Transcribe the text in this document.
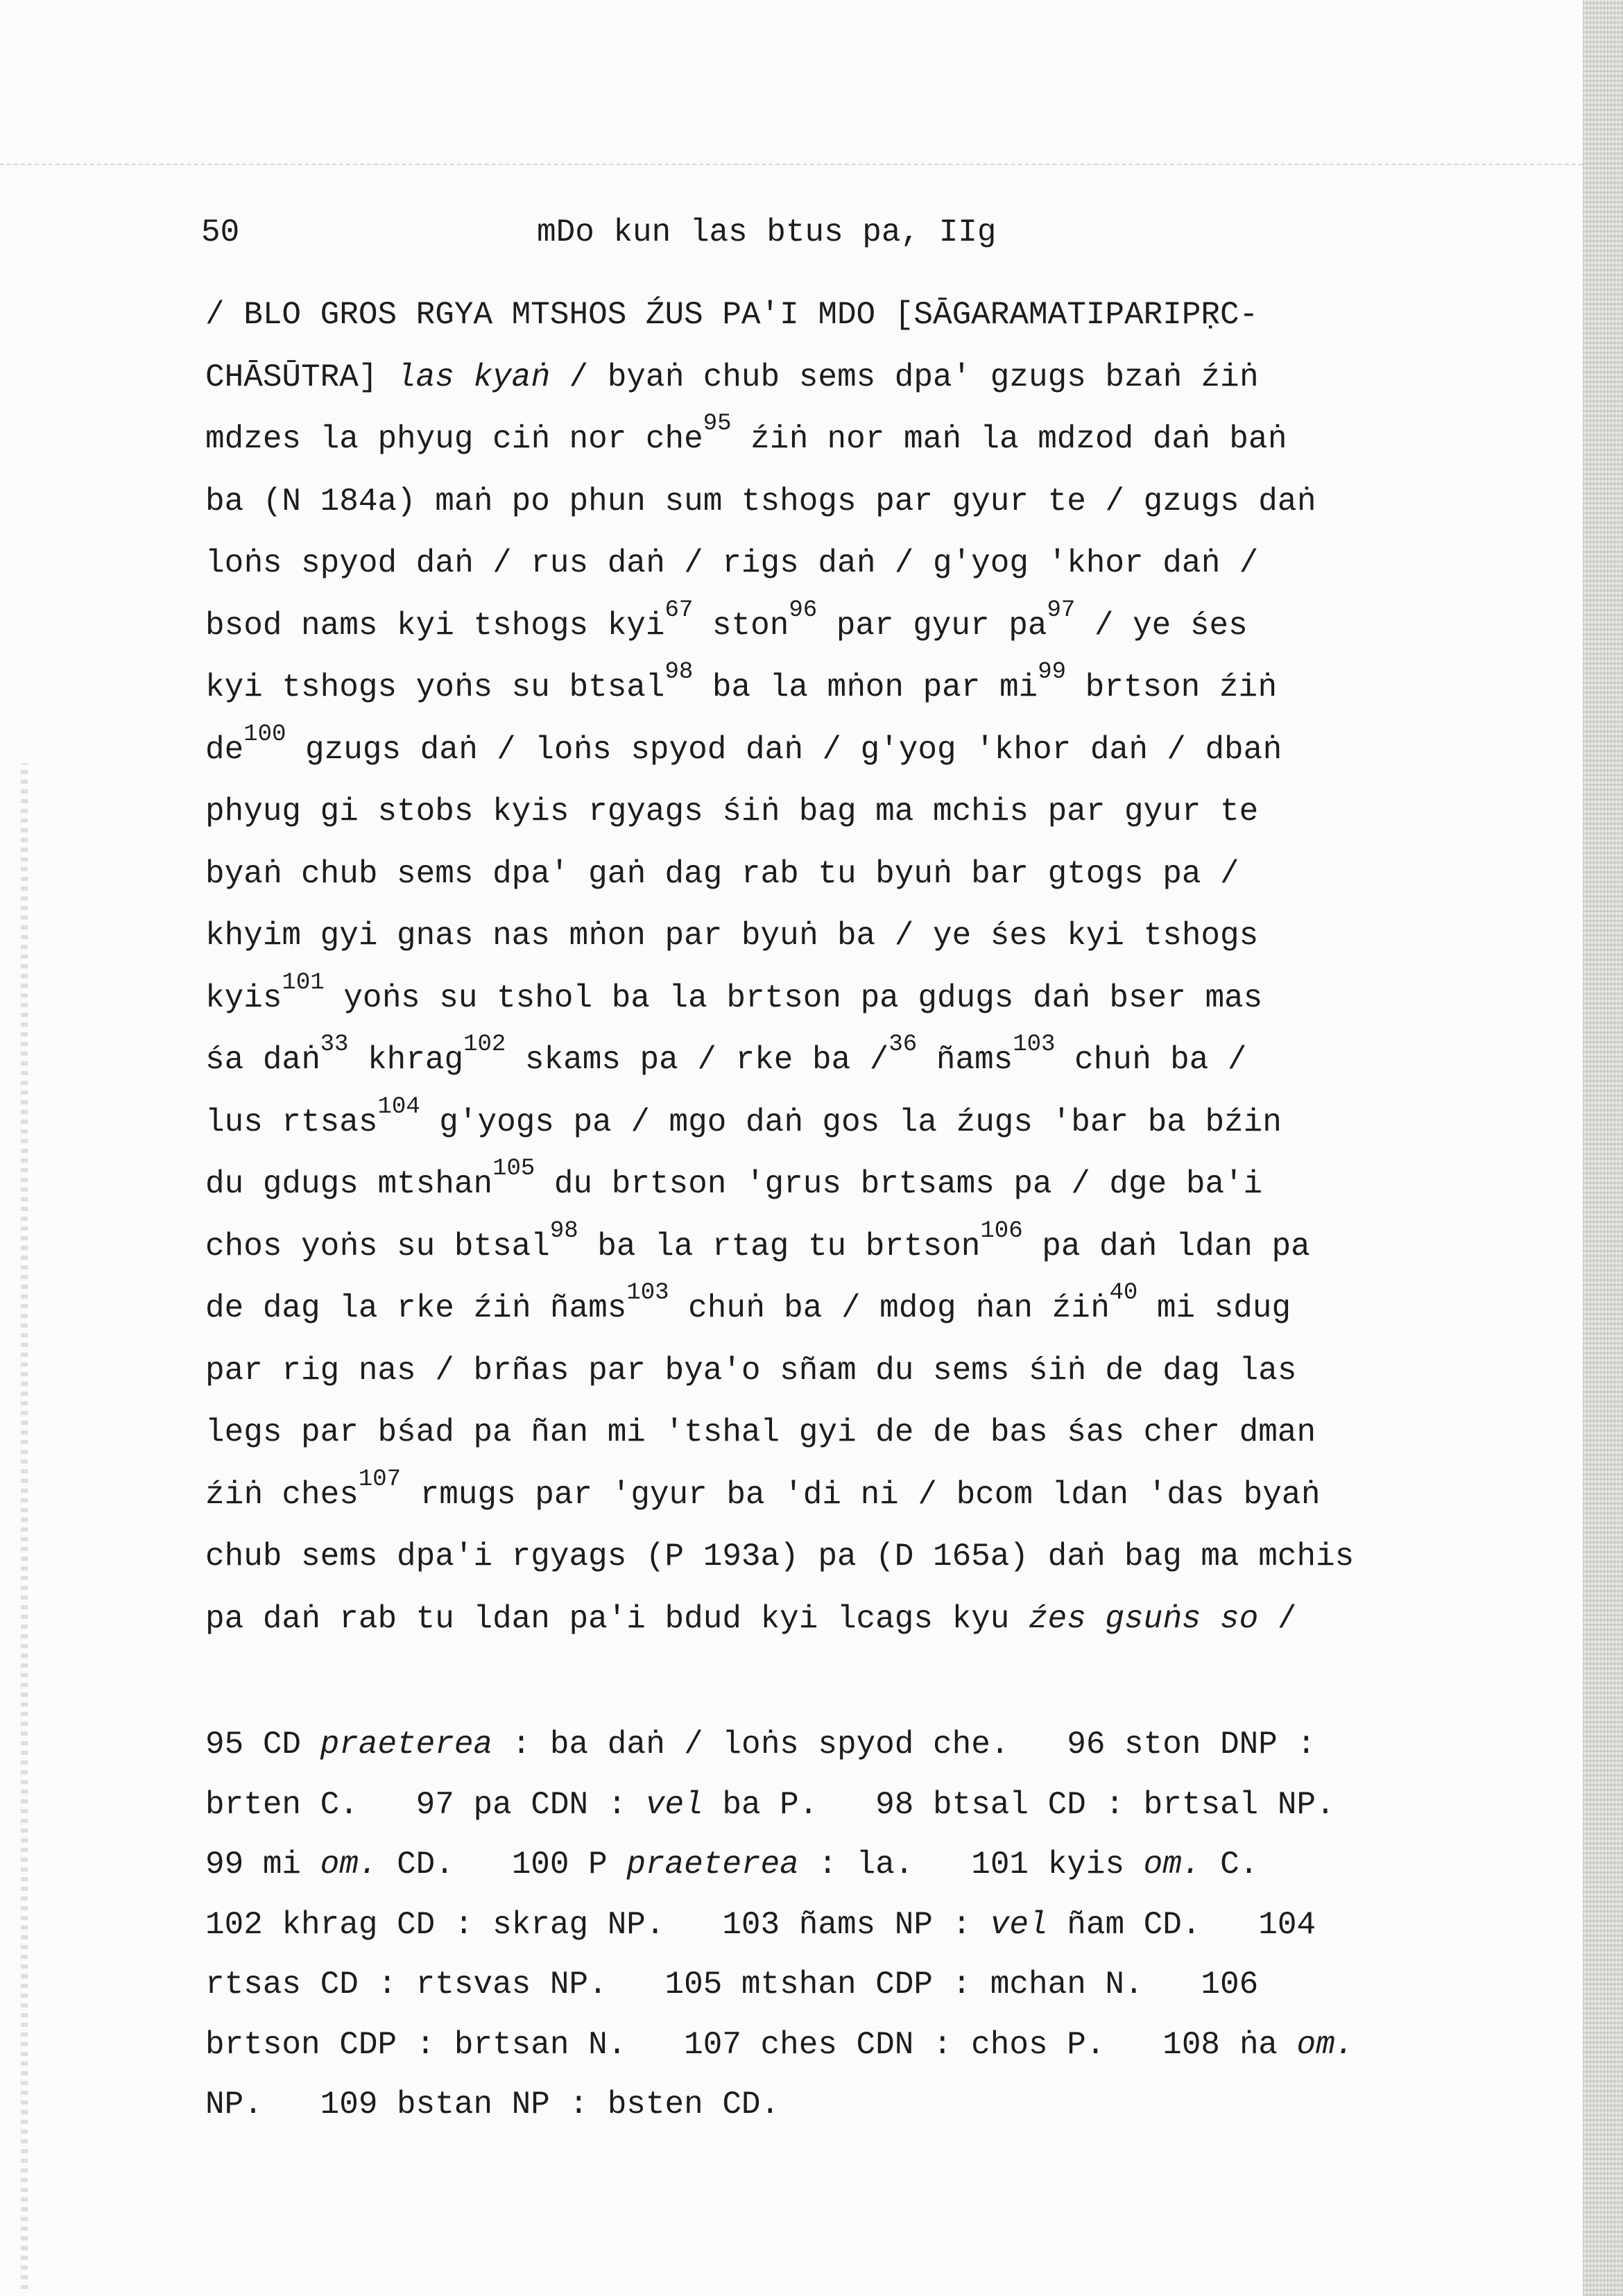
50	mDo kun las btus pa, IIg
/ BLO GROS RGYA MTSHOS ŹUS PA'I MDO [SĀGARAMATIPARIPṚC-
CHĀSŪTRA] las kyaṅ / byaṅ chub sems dpa' gzugs bzaṅ źiṅ
mdzes la phyug ciṅ nor che$^{95}$ źiṅ nor maṅ la mdzod daṅ baṅ
ba (N 184a) maṅ po phun sum tshogs par gyur te / gzugs daṅ
loṅs spyod daṅ / rus daṅ / rigs daṅ / g'yog 'khor daṅ /
bsod nams kyi tshogs kyi$^{67}$ ston$^{96}$ par gyur $pa^{97}$ / ye śes
kyi tshogs yoṅs su btsal$^{98}$ ba la mṅon par $mi^{99}$ brtson źiṅ
$de^{100}$ gzugs daṅ / loṅs spyod daṅ / g'yog 'khor daṅ / dbaṅ
phyug gi stobs kyis rgyags śiṅ bag ma mchis par gyur te
byaṅ chub sems dpa' gaṅ dag rab tu byuṅ bar gtogs pa /
khyim gyi gnas nas mṅon par byuṅ ba / ye śes kyi tshogs
kyis$^{101}$ yoṅs su tshol ba la brtson pa gdugs daṅ bser mas
śa daṅ$^{33}$ khrag$^{102}$ skams pa / rke ba /$^{36}$ ñams$^{103}$ chuṅ ba /
lus rtsas$^{104}$ g'yogs pa / mgo daṅ gos la źugs 'bar ba bźin
du gdugs mtshan$^{105}$ du brtson 'grus brtsams pa / dge ba'i
chos yoṅs su btsal$^{98}$ ba la rtag tu brtson$^{106}$ pa daṅ ldan pa
de dag la rke źiṅ ñams$^{103}$ chuṅ ba / mdog ṅan źiṅ$^{40}$ mi sdug
par rig nas / brñas par bya'o sñam du sems śiṅ de dag las
legs par bśad pa ñan mi 'tshal gyi de de bas śas cher dman
źiṅ ches$^{107}$ rmugs par 'gyur ba 'di ni / bcom ldan 'das byaṅ
chub sems dpa'i rgyags (P 193a) pa (D 165a) daṅ bag ma mchis
pa daṅ rab tu ldan pa'i bdud kyi lcags kyu źes gsuṅs so /
95 CD praeterea : ba daṅ / loṅs spyod che.   96 ston DNP :
brten C.   97 pa CDN : vel ba P.   98 btsal CD : brtsal NP.
99 mi om. CD.   100 P praeterea : la.   101 kyis om. C.
102 khrag CD : skrag NP.   103 ñams NP : vel ñam CD.   104
rtsas CD : rtsvas NP.   105 mtshan CDP : mchan N.   106
brtson CDP : brtsan N.   107 ches CDN : chos P.   108 ṅa om.
NP.   109 bstan NP : bsten CD.
